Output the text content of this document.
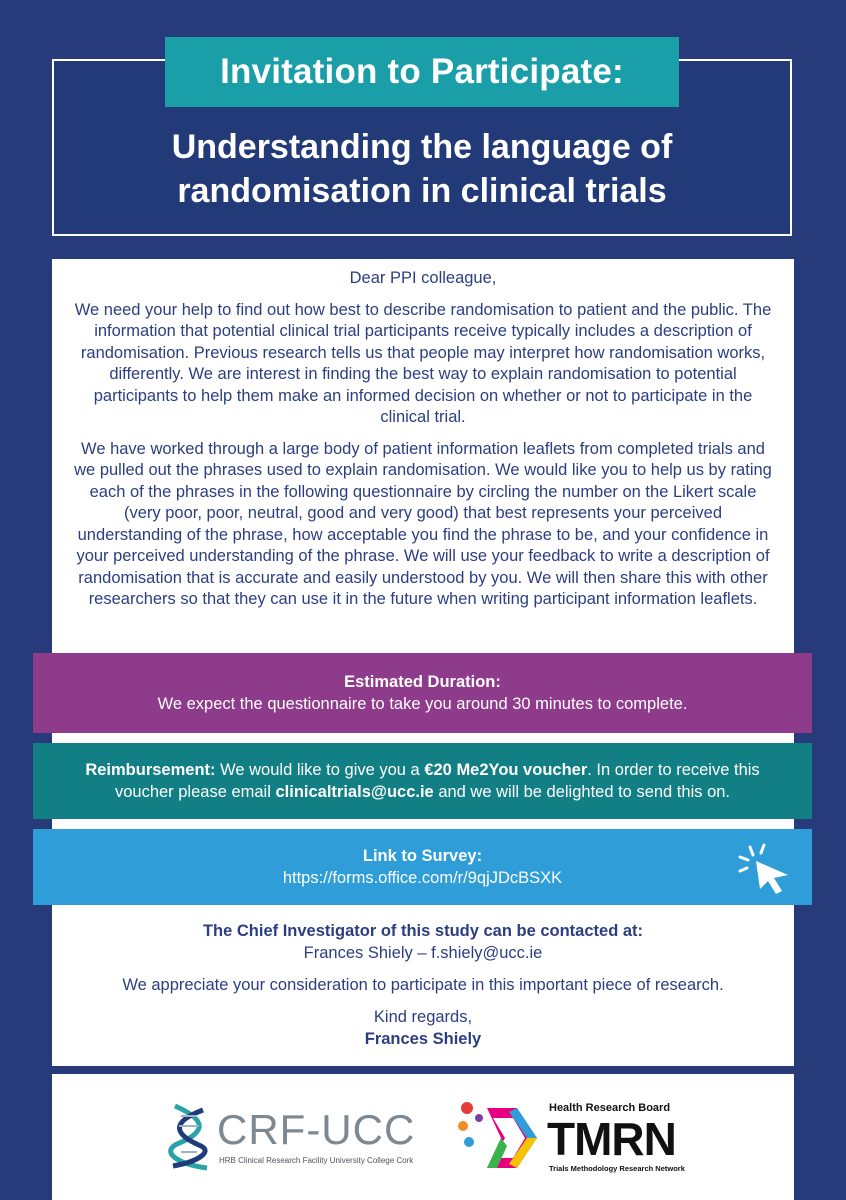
Invitation to Participate:
Understanding the language of
randomisation in clinical trials

Dear PPI colleague,

We need your help to find out how best to describe randomisation to patient and the public. The information that potential clinical trial participants receive typically includes a description of randomisation. Previous research tells us that people may interpret how randomisation works, differently. We are interest in finding the best way to explain randomisation to potential participants to help them make an informed decision on whether or not to participate in the clinical trial.

We have worked through a large body of patient information leaflets from completed trials and we pulled out the phrases used to explain randomisation. We would like you to help us by rating each of the phrases in the following questionnaire by circling the number on the Likert scale (very poor, poor, neutral, good and very good) that best represents your perceived understanding of the phrase, how acceptable you find the phrase to be, and your confidence in your perceived understanding of the phrase. We will use your feedback to write a description of randomisation that is accurate and easily understood by you. We will then share this with other researchers so that they can use it in the future when writing participant information leaflets.

Estimated Duration:
We expect the questionnaire to take you around 30 minutes to complete.
Reimbursement: We would like to give you a €20 Me2You voucher. In order to receive this voucher please email clinicaltrials@ucc.ie and we will be delighted to send this on.
Link to Survey:
https://forms.office.com/r/9qjJDcBSXK
The Chief Investigator of this study can be contacted at:

Frances Shiely – f.shiely@ucc.ie

We appreciate your consideration to participate in this important piece of research.

Kind regards,
Frances Shiely
CRF-UCC
HRB Clinical Research Facility University College Cork
Health Research Board
TMRN
Trials Methodology Research Network
